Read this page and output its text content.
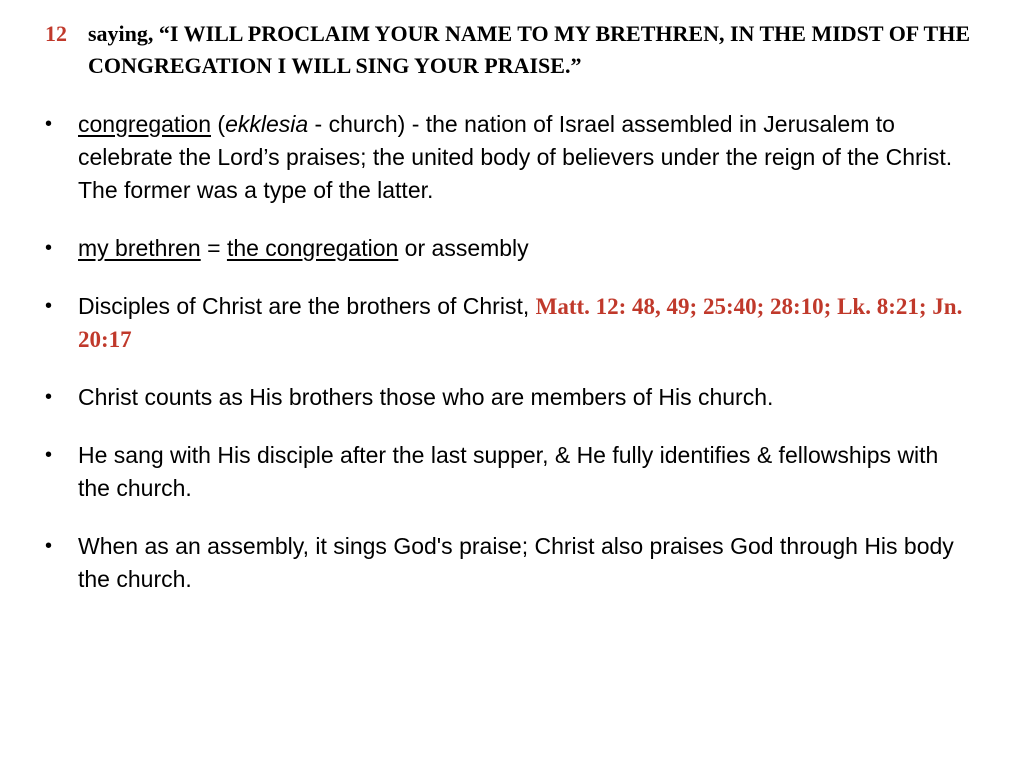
12 saying, “I WILL PROCLAIM YOUR NAME TO MY BRETHREN, IN THE MIDST OF THE CONGREGATION I WILL SING YOUR PRAISE.”
• congregation (ekklesia - church) - the nation of Israel assembled in Jerusalem to celebrate the Lord’s praises; the united body of believers under the reign of the Christ. The former was a type of the latter.
• my brethren = the congregation or assembly
• Disciples of Christ are the brothers of Christ, Matt. 12: 48, 49; 25:40; 28:10; Lk. 8:21; Jn. 20:17
• Christ counts as His brothers those who are members of His church.
• He sang with His disciple after the last supper, & He fully identifies & fellowships with the church.
• When as an assembly, it sings God's praise; Christ also praises God through His body the church.
